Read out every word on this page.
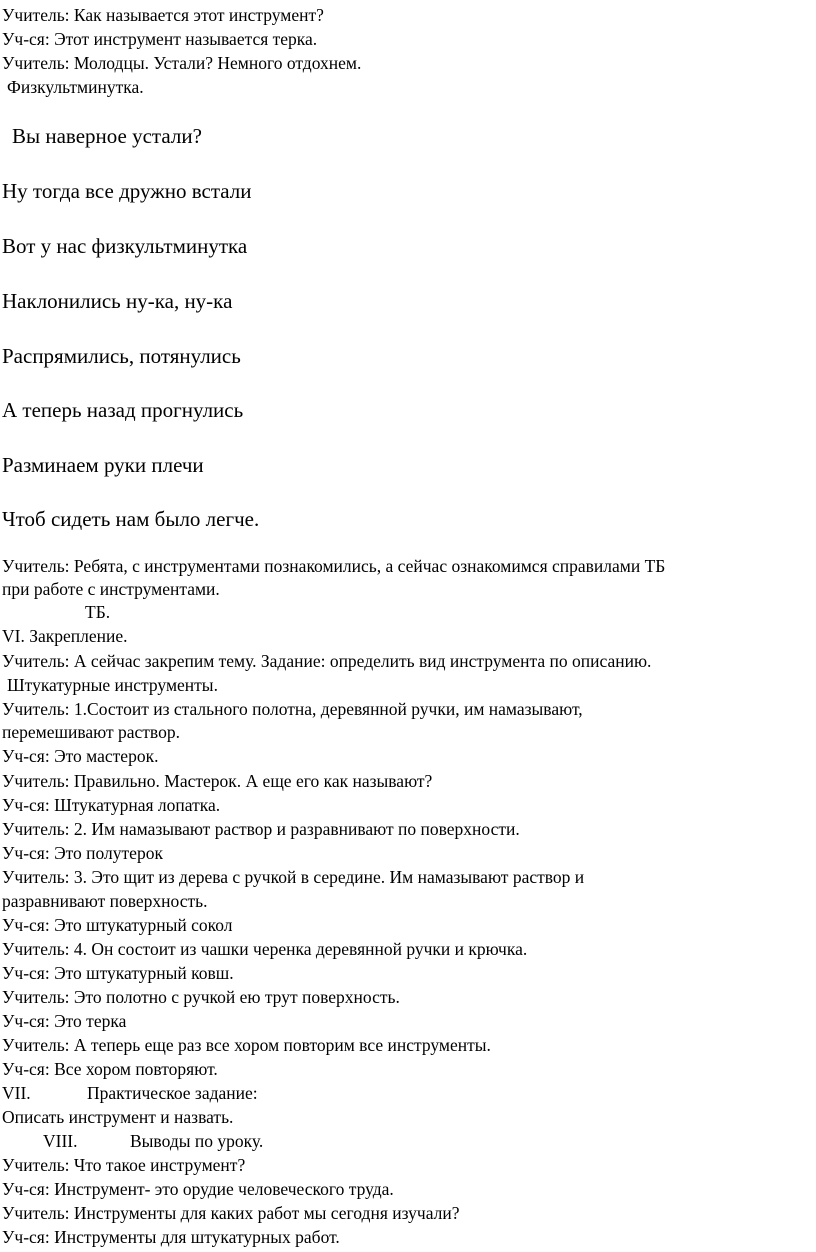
Учитель: Как называется этот инструмент?
Уч-ся: Этот инструмент называется терка.
Учитель: Молодцы. Устали? Немного отдохнем.
Физкультминутка.
Вы наверное устали?
Ну тогда все дружно встали
Вот у нас физкультминутка
Наклонились ну-ка, ну-ка
Распрямились, потянулись
А теперь назад прогнулись
Разминаем руки плечи
Чтоб сидеть нам было легче.
Учитель: Ребята, с инструментами познакомились, а сейчас ознакомимся справилами ТБ
при работе с инструментами.
ТБ.
VI. Закрепление.
Учитель: А сейчас закрепим тему. Задание: определить вид инструмента по описанию.
Штукатурные инструменты.
Учитель: 1.Состоит из стального полотна, деревянной ручки, им намазывают,
перемешивают раствор.
Уч-ся: Это мастерок.
Учитель: Правильно. Мастерок. А еще его как называют?
Уч-ся: Штукатурная лопатка.
Учитель: 2. Им намазывают раствор и разравнивают по поверхности.
Уч-ся: Это полутерок
Учитель: 3. Это щит из дерева с ручкой в середине. Им намазывают раствор и
разравнивают поверхность.
Уч-ся: Это штукатурный сокол
Учитель: 4. Он состоит из чашки черенка деревянной ручки и крючка.
Уч-ся: Это штукатурный ковш.
Учитель: Это полотно с ручкой ею трут поверхность.
Уч-ся: Это терка
Учитель: А теперь еще раз все хором повторим все инструменты.
Уч-ся: Все хором повторяют.
VII.	Практическое задание:
Описать инструмент и назвать.
VIII.	Выводы по уроку.
Учитель: Что такое инструмент?
Уч-ся: Инструмент- это орудие человеческого труда.
Учитель: Инструменты для каких работ мы сегодня изучали?
Уч-ся: Инструменты для штукатурных работ.
